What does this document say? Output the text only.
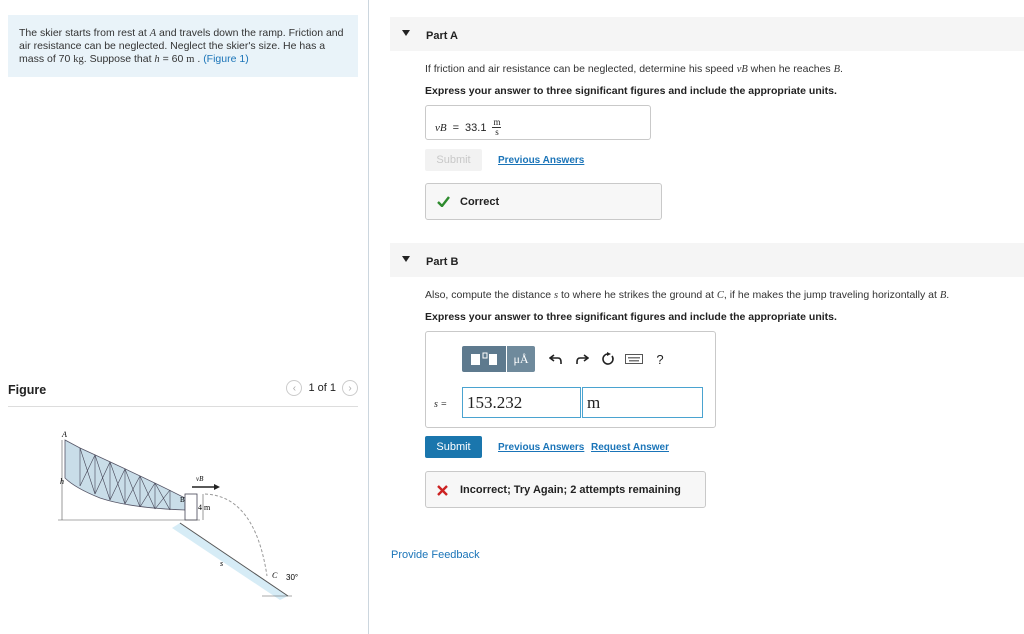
The skier starts from rest at A and travels down the ramp. Friction and air resistance can be neglected. Neglect the skier's size. He has a mass of 70 kg. Suppose that h = 60 m . (Figure 1)
Figure	‹	1 of 1	›
A
h	vB
B
4 m
s
C 30°
Part A
If friction and air resistance can be neglected, determine his speed vB when he reaches B.
Express your answer to three significant figures and include the appropriate units.
vB = $33.1 \frac{m}{s}$
Submit	Previous Answers
Correct
Part B
Also, compute the distance s to where he strikes the ground at C, if he makes the jump traveling horizontally at B.
Express your answer to three significant figures and include the appropriate units.
μÅ	?
s = 153.232	m
Submit	Previous Answers Request Answer
Incorrect; Try Again; 2 attempts remaining
Provide Feedback
